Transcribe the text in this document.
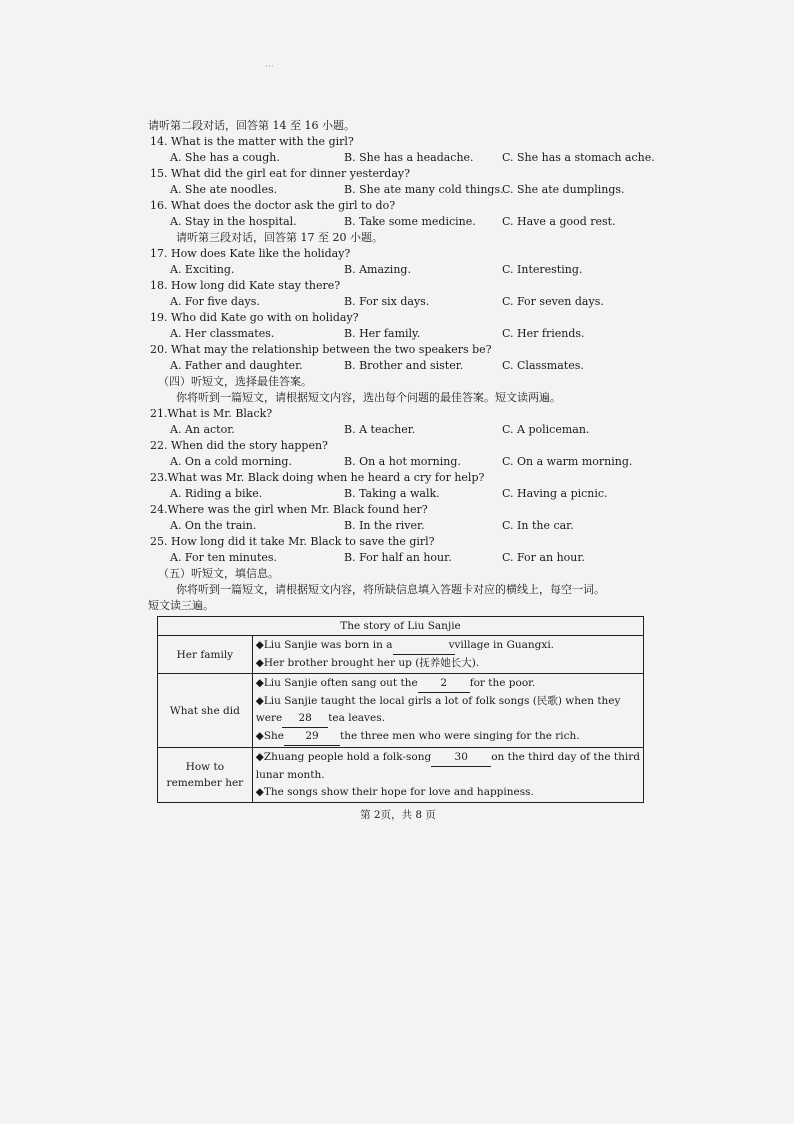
···
请听第二段对话，回答第 14 至 16 小题。
14. What is the matter with the girl?
A. She has a cough.	B. She has a headache.	C. She has a stomach ache.
15. What did the girl eat for dinner yesterday?
A. She ate noodles.	B. She ate many cold things.
C. She ate dumplings.
16. What does the doctor ask the girl to do?
A. Stay in the hospital.	B. Take some medicine. C. Have a good rest.
请听第三段对话，回答第 17 至 20 小题。
17. How does Kate like the holiday?
A. Exciting.	B. Amazing.	C. Interesting.
18. How long did Kate stay there?
A. For five days.	B. For six days.	C. For seven days.
19. Who did Kate go with on holiday?
A. Her classmates.	B. Her family.	C. Her friends.
20. What may the relationship between the two speakers be?
A. Father and daughter.	B. Brother and sister.	C. Classmates.
（四）听短文，选择最佳答案。
你将听到一篇短文，请根据短文内容，选出每个问题的最佳答案。短文读两遍。
21.What is Mr. Black?
A. An actor.	B. A teacher.	C. A policeman.
22. When did the story happen?
A. On a cold morning.	B. On a hot morning.	C. On a warm morning.
23.What was Mr. Black doing when he heard a cry for help?
A. Riding a bike.	B. Taking a walk.	C. Having a picnic.
24.Where was the girl when Mr. Black found her?
A. On the train.	B. In the river.	C. In the car.
25. How long did it take Mr. Black to save the girl?
A. For ten minutes.	B. For half an hour.	C. For an hour.
（五）听短文，填信息。
你将听到一篇短文，请根据短文内容，将所缺信息填入答题卡对应的横线上，每空一词。
短文读三遍。
The story of Liu Sanjie	
Her family	◆Liu Sanjie was born in a vvillage in Guangxi.
◆Her brother brought her up (抚养她长大).

What she did	◆Liu Sanjie often sang out the 2 for the poor.
◆Liu Sanjie taught the local girls a lot of folk songs (民歌) when they
were 28 tea leaves.
◆She 29 the three men who were singing for the rich.

How to remember her	◆Zhuang people hold a folk-song 30 on the third day of the third
lunar month.
◆The songs show their hope for love and happiness.
第 2页，共 8 页
